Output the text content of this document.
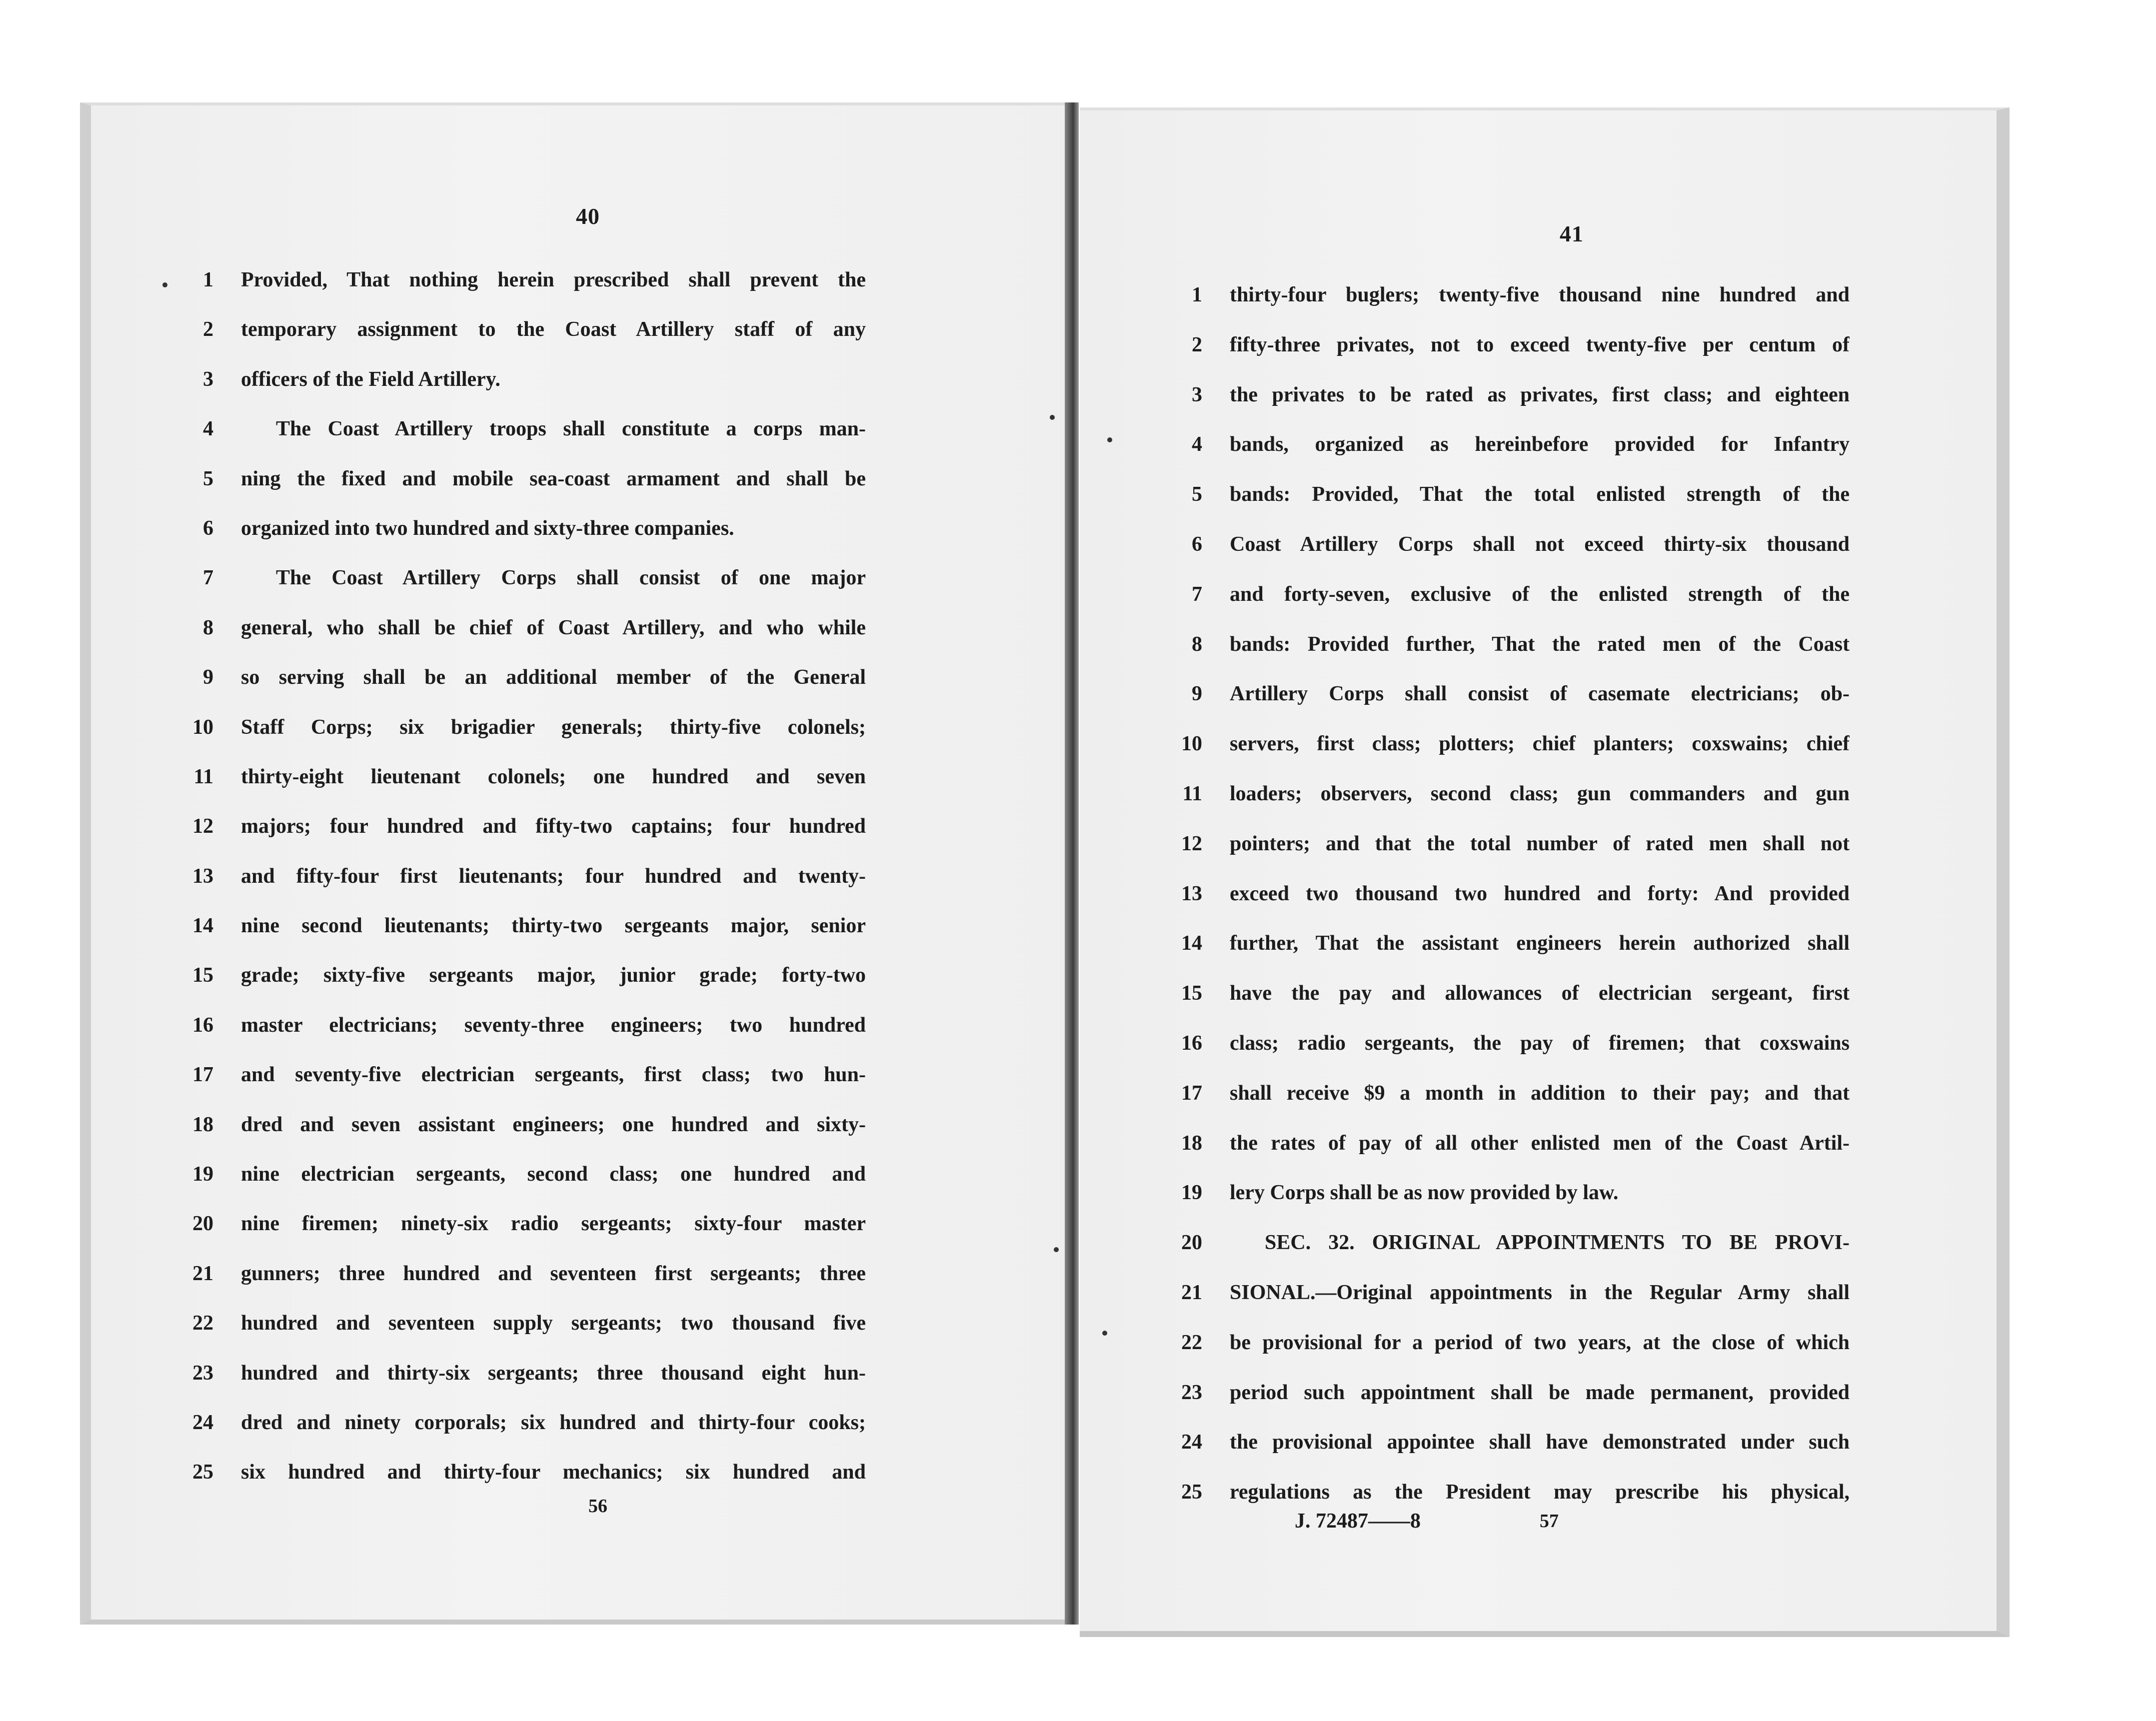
40
1 Provided, That nothing herein prescribed shall prevent the
2 temporary assignment to the Coast Artillery staff of any
3 officers of the Field Artillery.
4	The Coast Artillery troops shall constitute a corps man-
5 ning the fixed and mobile sea-coast armament and shall be
6 organized into two hundred and sixty-three companies.
7	The Coast Artillery Corps shall consist of one major
8 general, who shall be chief of Coast Artillery, and who while
9 so serving shall be an additional member of the General
10 Staff Corps; six brigadier generals; thirty-five colonels;
11 thirty-eight lieutenant colonels; one hundred and seven
12 majors; four hundred and fifty-two captains; four hundred
13 and fifty-four first lieutenants; four hundred and twenty-
14 nine second lieutenants; thirty-two sergeants major, senior
15 grade; sixty-five sergeants major, junior grade; forty-two
16 master electricians; seventy-three engineers; two hundred
17 and seventy-five electrician sergeants, first class; two hun-
18 dred and seven assistant engineers; one hundred and sixty-
19 nine electrician sergeants, second class; one hundred and
20 nine firemen; ninety-six radio sergeants; sixty-four master
21 gunners; three hundred and seventeen first sergeants; three
22 hundred and seventeen supply sergeants; two thousand five
23 hundred and thirty-six sergeants; three thousand eight hun-
24 dred and ninety corporals; six hundred and thirty-four cooks;
25 six hundred and thirty-four mechanics; six hundred and
56
41
1 thirty-four buglers; twenty-five thousand nine hundred and
2 fifty-three privates, not to exceed twenty-five per centum of
3 the privates to be rated as privates, first class; and eighteen
4 bands, organized as hereinbefore provided for Infantry
5 bands: Provided, That the total enlisted strength of the
6 Coast Artillery Corps shall not exceed thirty-six thousand
7 and forty-seven, exclusive of the enlisted strength of the
8 bands: Provided further, That the rated men of the Coast
9 Artillery Corps shall consist of casemate electricians; ob-
10 servers, first class; plotters; chief planters; coxswains; chief
11 loaders; observers, second class; gun commanders and gun
12 pointers; and that the total number of rated men shall not
13 exceed two thousand two hundred and forty: And provided
14 further, That the assistant engineers herein authorized shall
15 have the pay and allowances of electrician sergeant, first
16 class; radio sergeants, the pay of firemen; that coxswains
17 shall receive $9 a month in addition to their pay; and that
18 the rates of pay of all other enlisted men of the Coast Artil-
19 lery Corps shall be as now provided by law.
20	SEC. 32. ORIGINAL APPOINTMENTS TO BE PROVI-
21 SIONAL.—Original appointments in the Regular Army shall
22 be provisional for a period of two years, at the close of which
23 period such appointment shall be made permanent, provided
24 the provisional appointee shall have demonstrated under such
25 regulations as the President may prescribe his physical,
J. 72487——8	57
